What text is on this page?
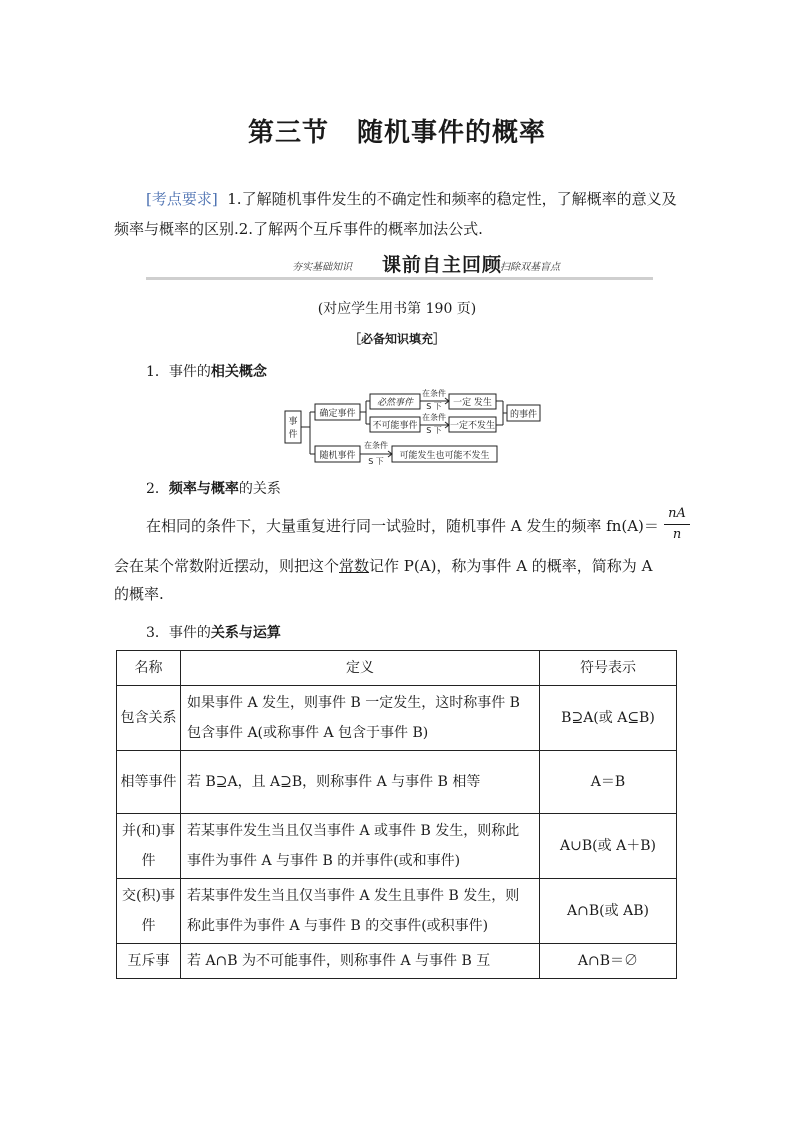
第三节 随机事件的概率
[考点要求] 1.了解随机事件发生的不确定性和频率的稳定性，了解概率的意义及频率与概率的区别.2.了解两个互斥事件的概率加法公式.
夯实基础知识 课前自主回顾
扫除双基盲点
(对应学生用书第 190 页)
［必备知识填充］
1．事件的相关概念
事
件
确定事件
必然事件
不可能事件
在条件
S 下
在条件
S 下
一定 发生
一定不发生
的事件
随机事件
在条件
S 下
可能发生也可能不发生
2．频率与概率的关系
在相同的条件下，大量重复进行同一试验时，随机事件 A 发生的频率 fn(A)＝
会在某个常数附近摆动，则把这个常数记作 P(A)，称为事件 A 的概率，简称为 A
的概率.
nA
n
3．事件的关系与运算
名称	定义	符号表示
包含关系	如果事件 A 发生，则事件 B 一定发生，这时称事件 B 包含事件 A(或称事件 A 包含于事件 B)	B⊇A(或 A⊆B)
相等事件	若 B⊇A，且 A⊇B，则称事件 A 与事件 B 相等	A＝B
并(和)事件	若某事件发生当且仅当事件 A 或事件 B 发生，则称此事件为事件 A 与事件 B 的并事件(或和事件)	A∪B(或 A＋B)
交(积)事件	若某事件发生当且仅当事件 A 发生且事件 B 发生，则称此事件为事件 A 与事件 B 的交事件(或积事件)	A∩B(或 AB)
互斥事	若 A∩B 为不可能事件，则称事件 A 与事件 B 互	A∩B＝∅
